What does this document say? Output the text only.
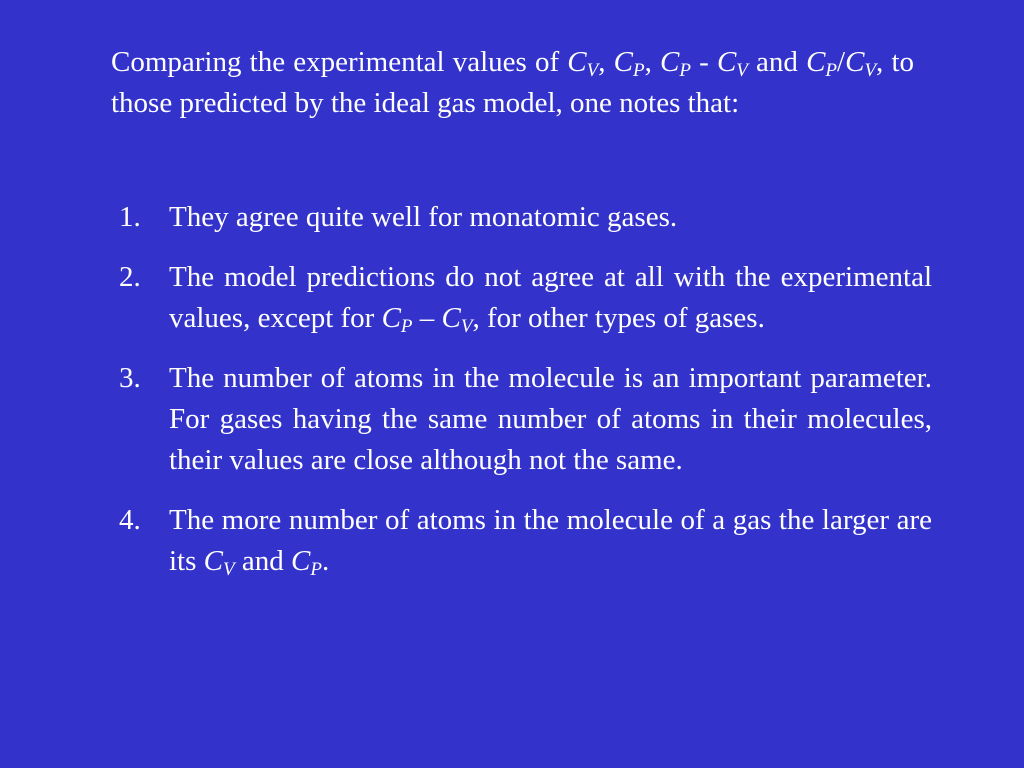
Comparing the experimental values of $C_V$, $C_P$, $C_P - C_V$ and $C_P/C_V$, to those predicted by the ideal gas model, one notes that:

1. They agree quite well for monatomic gases.
2. The model predictions do not agree at all with the experimental values, except for $C_P - C_V$, for other types of gases.
3. The number of atoms in the molecule is an important parameter. For gases having the same number of atoms in their molecules, their values are close although not the same.
4. The more number of atoms in the molecule of a gas the larger are its $C_V$ and $C_P$.
